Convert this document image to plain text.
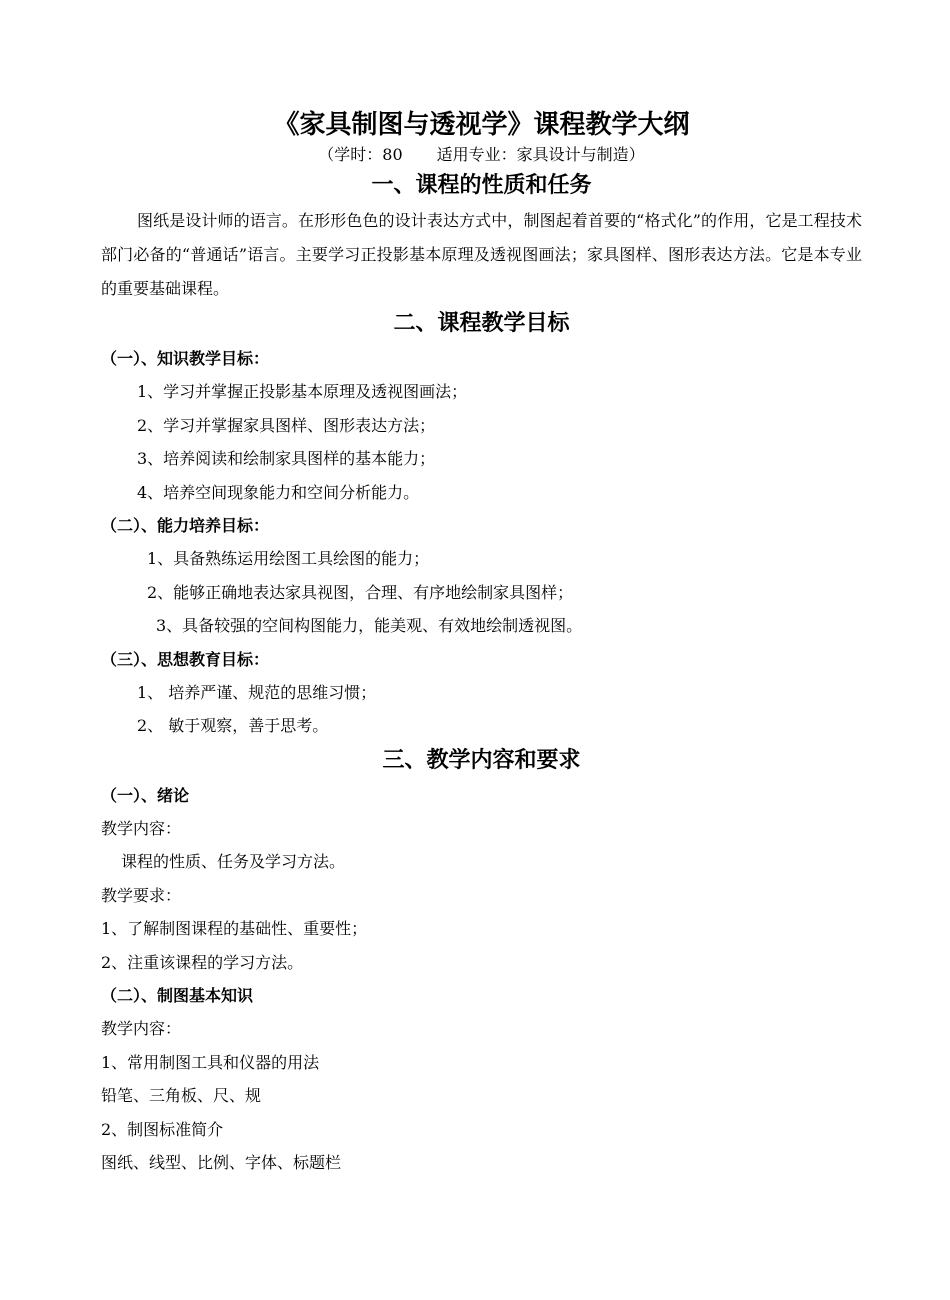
《家具制图与透视学》课程教学大纲

（学时：80 适用专业：家具设计与制造）

一、课程的性质和任务

图纸是设计师的语言。在形形色色的设计表达方式中，制图起着首要的“格式化”的作用，它是工程技术部门必备的“普通话”语言。主要学习正投影基本原理及透视图画法；家具图样、图形表达方法。它是本专业的重要基础课程。

二、课程教学目标

（一）、知识教学目标：

1、学习并掌握正投影基本原理及透视图画法；

2、学习并掌握家具图样、图形表达方法；

3、培养阅读和绘制家具图样的基本能力；

4、培养空间现象能力和空间分析能力。

（二）、能力培养目标：

1、具备熟练运用绘图工具绘图的能力；

2、能够正确地表达家具视图，合理、有序地绘制家具图样；

3、具备较强的空间构图能力，能美观、有效地绘制透视图。

（三）、思想教育目标：

1、 培养严谨、规范的思维习惯；

2、 敏于观察，善于思考。

三、教学内容和要求

（一）、绪论

教学内容：

课程的性质、任务及学习方法。

教学要求：

1、了解制图课程的基础性、重要性；

2、注重该课程的学习方法。

（二）、制图基本知识

教学内容：

1、常用制图工具和仪器的用法

铅笔、三角板、尺、规

2、制图标准简介

图纸、线型、比例、字体、标题栏
